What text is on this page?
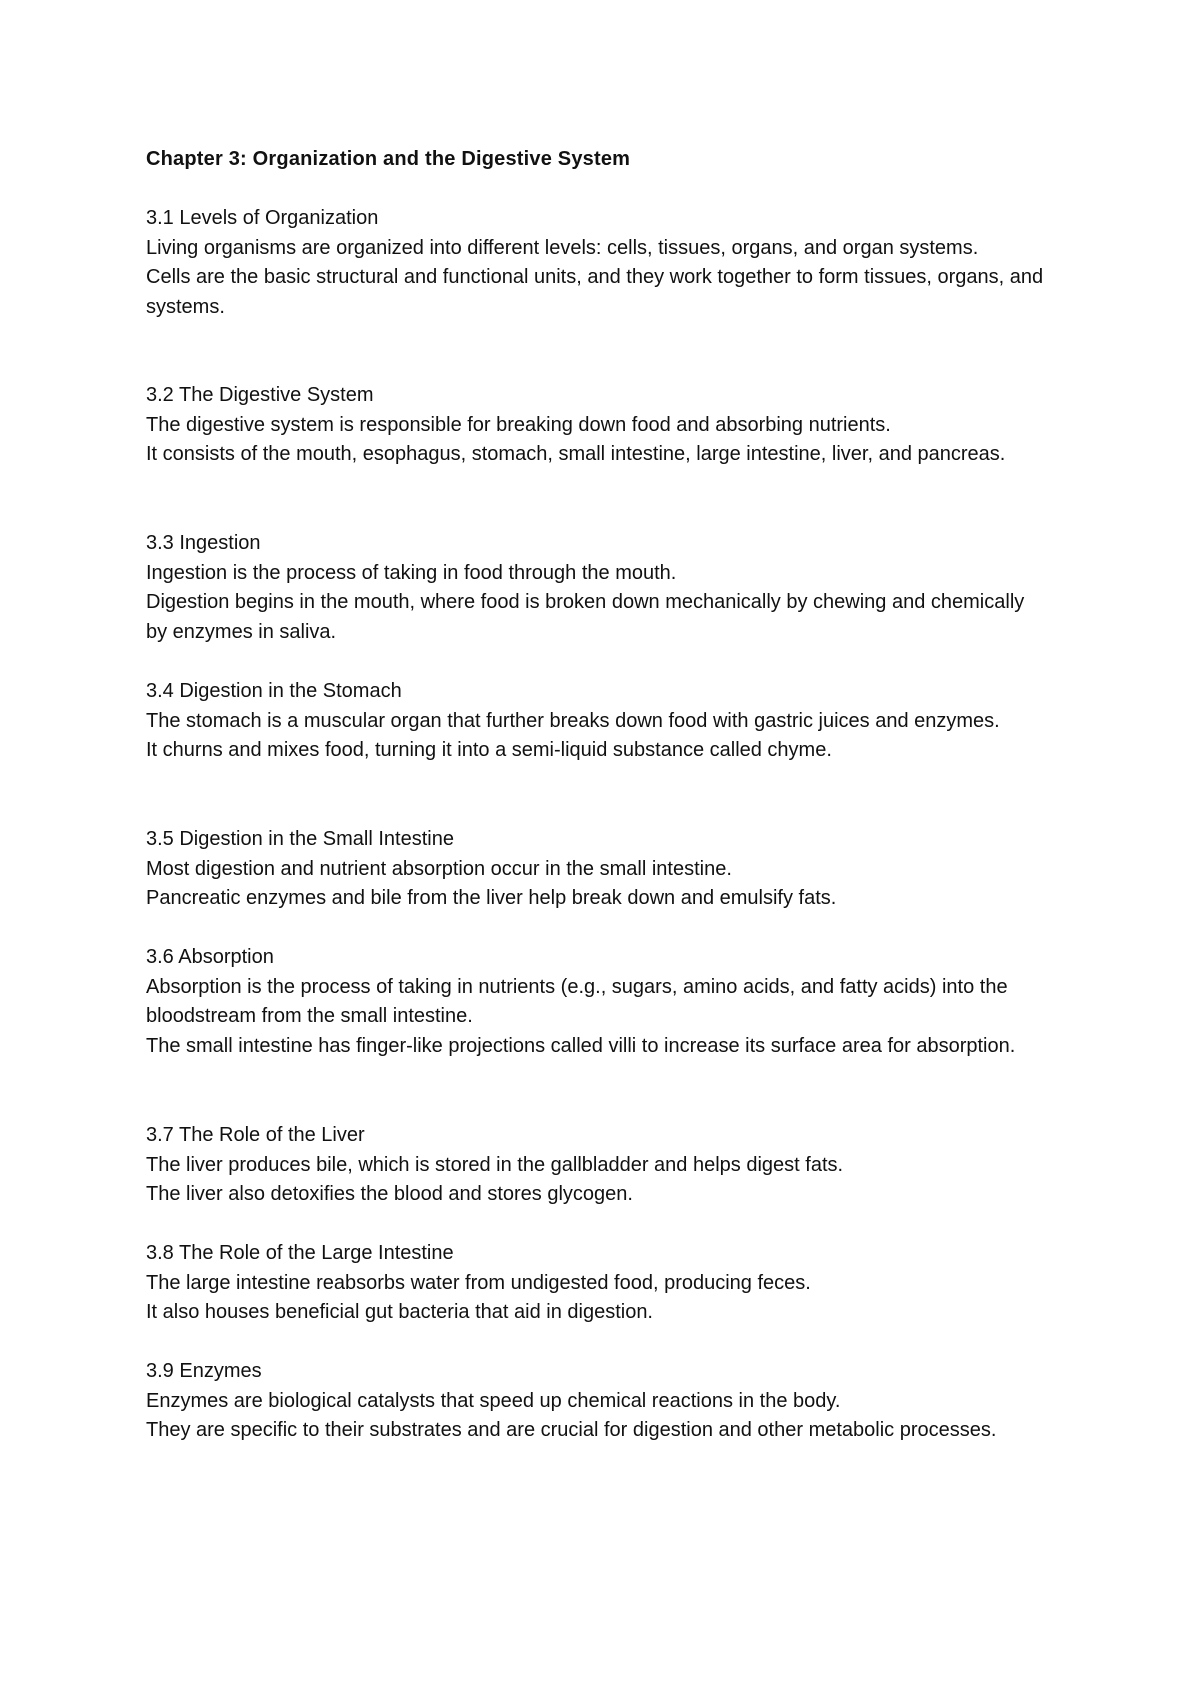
Chapter 3: Organization and the Digestive System

3.1 Levels of Organization

Living organisms are organized into different levels: cells, tissues, organs, and organ systems.

Cells are the basic structural and functional units, and they work together to form tissues, organs, and systems.

3.2 The Digestive System

The digestive system is responsible for breaking down food and absorbing nutrients.

It consists of the mouth, esophagus, stomach, small intestine, large intestine, liver, and pancreas.

3.3 Ingestion

Ingestion is the process of taking in food through the mouth.

Digestion begins in the mouth, where food is broken down mechanically by chewing and chemically by enzymes in saliva.

3.4 Digestion in the Stomach

The stomach is a muscular organ that further breaks down food with gastric juices and enzymes.

It churns and mixes food, turning it into a semi-liquid substance called chyme.

3.5 Digestion in the Small Intestine

Most digestion and nutrient absorption occur in the small intestine.

Pancreatic enzymes and bile from the liver help break down and emulsify fats.

3.6 Absorption

Absorption is the process of taking in nutrients (e.g., sugars, amino acids, and fatty acids) into the bloodstream from the small intestine.

The small intestine has finger-like projections called villi to increase its surface area for absorption.

3.7 The Role of the Liver

The liver produces bile, which is stored in the gallbladder and helps digest fats.

The liver also detoxifies the blood and stores glycogen.

3.8 The Role of the Large Intestine

The large intestine reabsorbs water from undigested food, producing feces.

It also houses beneficial gut bacteria that aid in digestion.

3.9 Enzymes

Enzymes are biological catalysts that speed up chemical reactions in the body.

They are specific to their substrates and are crucial for digestion and other metabolic processes.
